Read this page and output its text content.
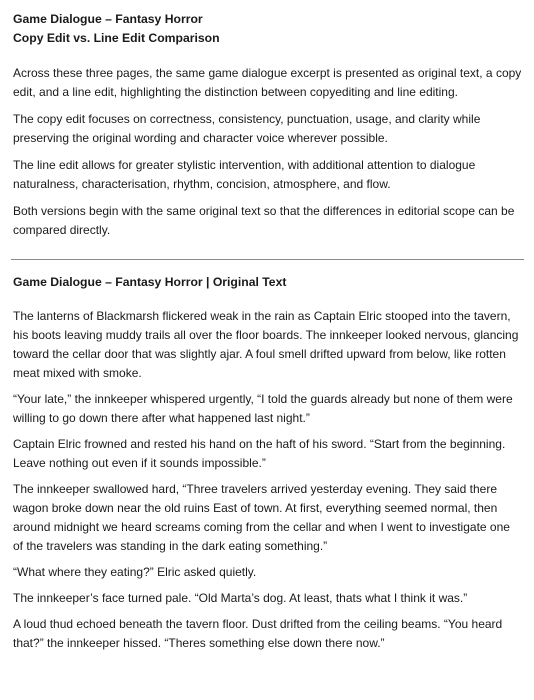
Game Dialogue – Fantasy Horror

Copy Edit vs. Line Edit Comparison

Across these three pages, the same game dialogue excerpt is presented as original text, a copy edit, and a line edit, highlighting the distinction between copyediting and line editing.

The copy edit focuses on correctness, consistency, punctuation, usage, and clarity while preserving the original wording and character voice wherever possible.

The line edit allows for greater stylistic intervention, with additional attention to dialogue naturalness, characterisation, rhythm, concision, atmosphere, and flow.

Both versions begin with the same original text so that the differences in editorial scope can be compared directly.

Game Dialogue – Fantasy Horror | Original Text

The lanterns of Blackmarsh flickered weak in the rain as Captain Elric stooped into the tavern, his boots leaving muddy trails all over the floor boards. The innkeeper looked nervous, glancing toward the cellar door that was slightly ajar. A foul smell drifted upward from below, like rotten meat mixed with smoke.

“Your late,” the innkeeper whispered urgently, “I told the guards already but none of them were willing to go down there after what happened last night.”

Captain Elric frowned and rested his hand on the haft of his sword. “Start from the beginning. Leave nothing out even if it sounds impossible.”

The innkeeper swallowed hard, “Three travelers arrived yesterday evening. They said there wagon broke down near the old ruins East of town. At first, everything seemed normal, then around midnight we heard screams coming from the cellar and when I went to investigate one of the travelers was standing in the dark eating something.”

“What where they eating?” Elric asked quietly.

The innkeeper’s face turned pale. “Old Marta’s dog. At least, thats what I think it was.”

A loud thud echoed beneath the tavern floor. Dust drifted from the ceiling beams. “You heard that?” the innkeeper hissed. “Theres something else down there now.”
